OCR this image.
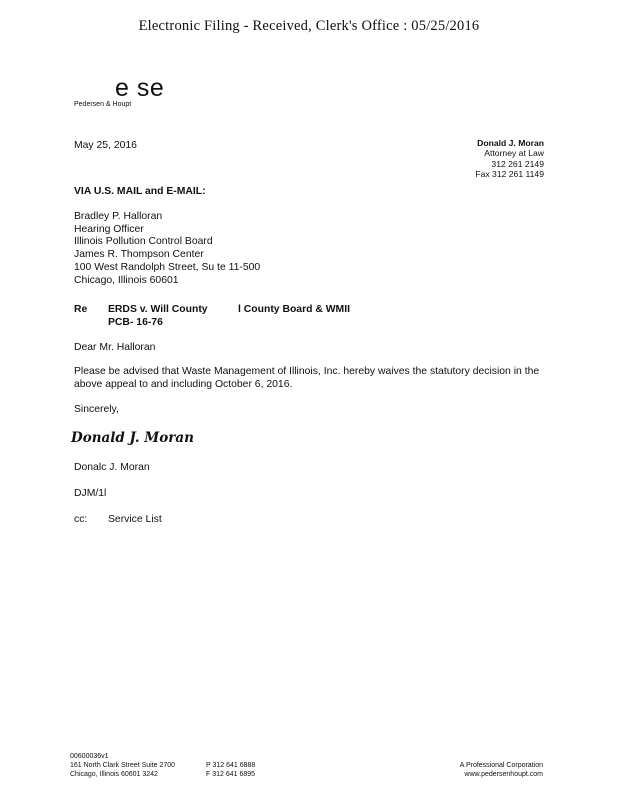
Electronic Filing - Received, Clerk's Office : 05/25/2016
e se
Pedersen & Houpt
May 25, 2016	Donald J. Moran
Attorney at Law
312 261 2149
Fax 312 261 1149
VIA U.S. MAIL and E-MAIL:
Bradley P. Halloran
Hearing Officer
Illinois Pollution Control Board
James R. Thompson Center
100 West Randolph Street, Su te 11-500
Chicago, Illinois 60601
Re ERDS v. Will County	l County Board & WMII
PCB- 16-76
Dear Mr. Halloran
Please be advised that Waste Management of Illinois, Inc. hereby waives the statutory decision in the above appeal to and including October 6, 2016.
Sincerely,
Donald J. Moran
Donalc J. Moran
DJM/1l
cc: Service List
00600036v1
161 North Clark Street Suite 2700
Chicago, Illinois 60601 3242
P 312 641 6888
F 312 641 6895
A Professional Corporation
www.pedersenhoupt.com
